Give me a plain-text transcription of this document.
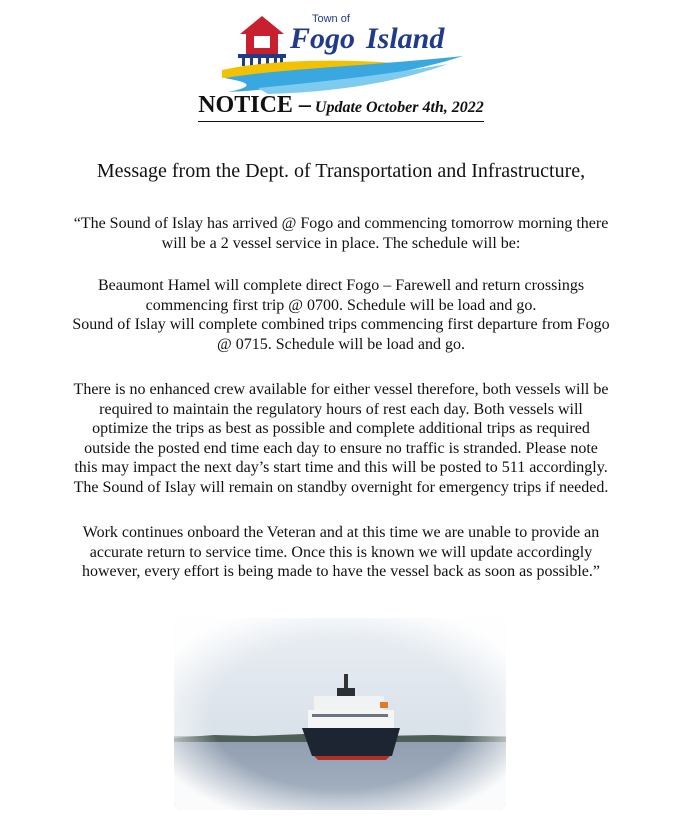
Town of
Fogo Island
NOTICE – Update October 4th, 2022
Message from the Dept. of Transportation and Infrastructure,
“The Sound of Islay has arrived @ Fogo and commencing tomorrow morning there
will be a 2 vessel service in place. The schedule will be:
Beaumont Hamel will complete direct Fogo – Farewell and return crossings
commencing first trip @ 0700. Schedule will be load and go.
Sound of Islay will complete combined trips commencing first departure from Fogo
@ 0715. Schedule will be load and go.
There is no enhanced crew available for either vessel therefore, both vessels will be
required to maintain the regulatory hours of rest each day. Both vessels will
optimize the trips as best as possible and complete additional trips as required
outside the posted end time each day to ensure no traffic is stranded. Please note
this may impact the next day’s start time and this will be posted to 511 accordingly.
The Sound of Islay will remain on standby overnight for emergency trips if needed.
Work continues onboard the Veteran and at this time we are unable to provide an
accurate return to service time. Once this is known we will update accordingly
however, every effort is being made to have the vessel back as soon as possible.”
